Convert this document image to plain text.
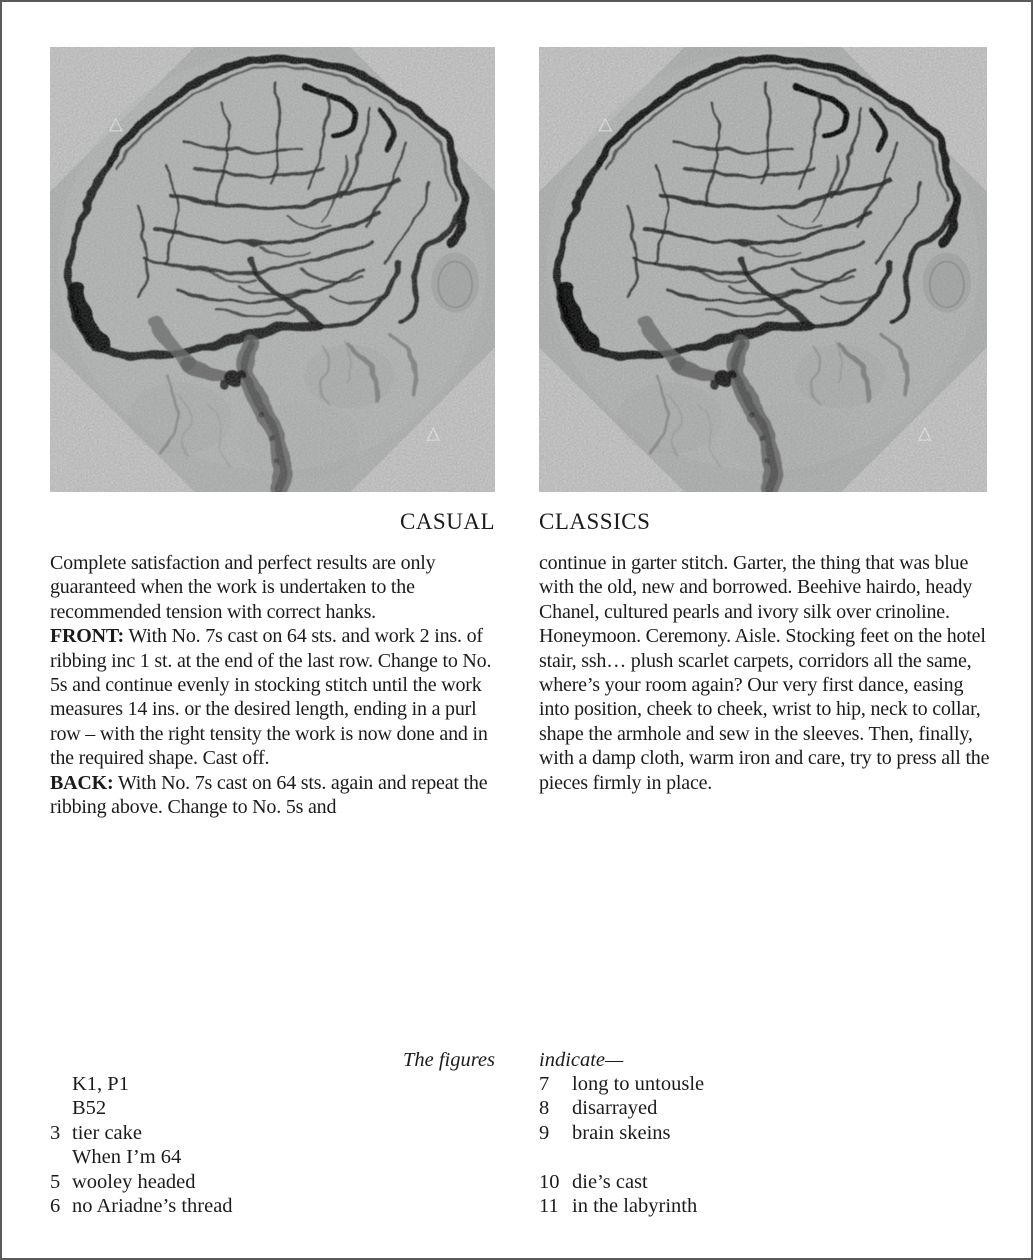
CASUAL CLASSICS

Complete satisfaction and perfect results are only guaranteed when the work is undertaken to the recommended tension with correct hanks.

FRONT: With No. 7s cast on 64 sts. and work 2 ins. of ribbing inc 1 st. at the end of the last row. Change to No. 5s and continue evenly in stocking stitch until the work measures 14 ins. or the desired length, ending in a purl row – with the right tensity the work is now done and in the required shape. Cast off.

BACK: With No. 7s cast on 64 sts. again and repeat the ribbing above. Change to No. 5s and

continue in garter stitch. Garter, the thing that was blue with the old, new and borrowed. Beehive hairdo, heady Chanel, cultured pearls and ivory silk over crinoline. Honeymoon. Ceremony. Aisle. Stocking feet on the hotel stair, ssh… plush scarlet carpets, corridors all the same, where’s your room again? Our very first dance, easing into position, cheek to cheek, wrist to hip, neck to collar, shape the armhole and sew in the sleeves. Then, finally, with a damp cloth, warm iron and care, try to press all the pieces firmly in place.

The figures indicate—
K1, P1
B52
3 tier cake
When I’m 64
5 wooley headed
6 no Ariadne’s thread
7	long to untousle
8	disarrayed
9	brain skeins
10 die’s cast
11 in the labyrinth
